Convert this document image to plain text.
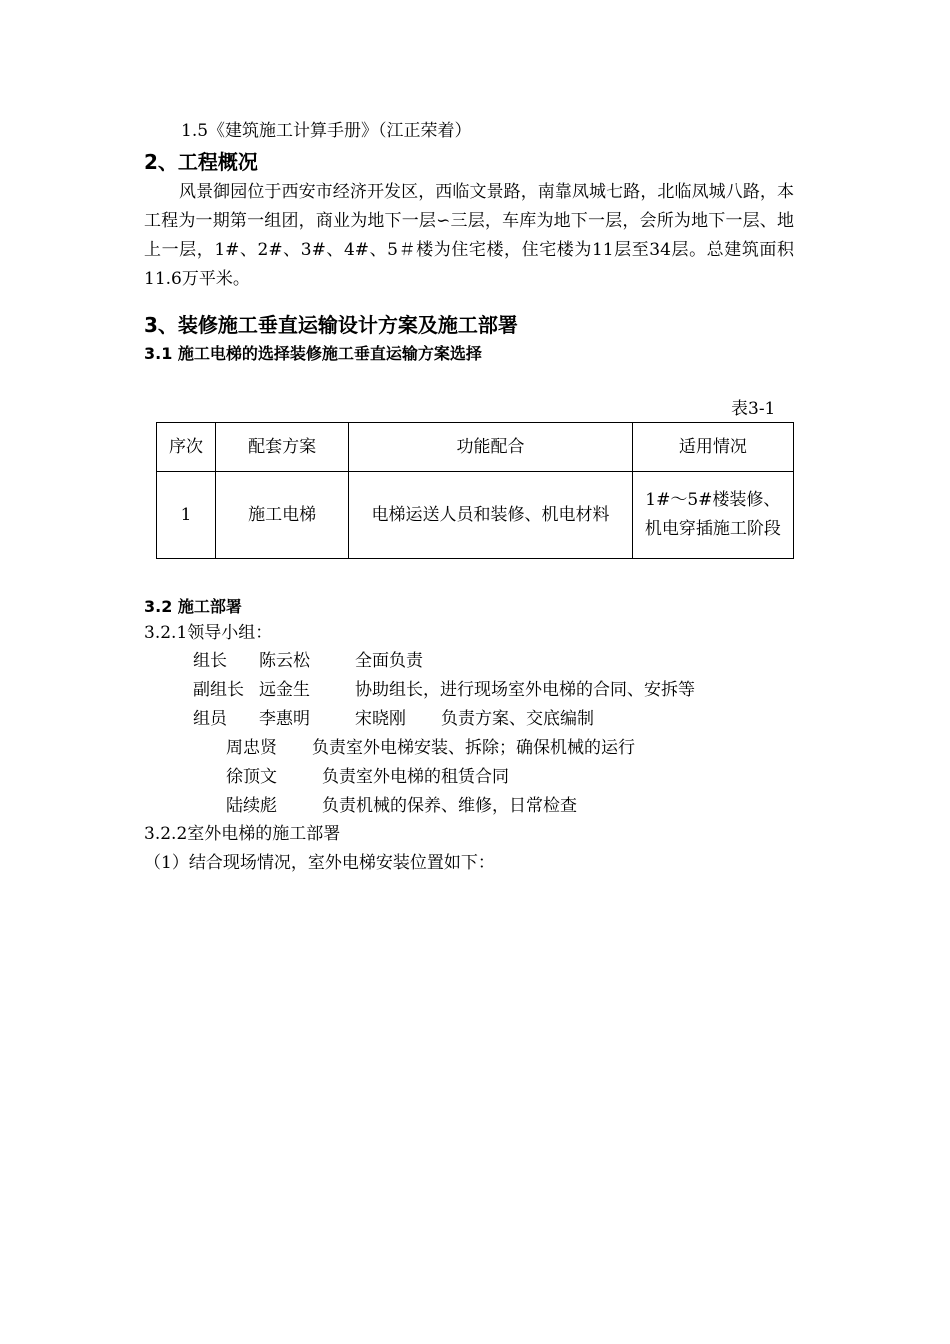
1.5《建筑施工计算手册》（江正荣着）
2、工程概况
风景御园位于西安市经济开发区，西临文景路，南靠凤城七路，北临凤城八路，本工程为一期第一组团，商业为地下一层∽三层，车库为地下一层，会所为地下一层、地上一层，1#、2#、3#、4#、5＃楼为住宅楼，住宅楼为11层至34层。总建筑面积11.6万平米。
3、装修施工垂直运输设计方案及施工部署
3.1 施工电梯的选择装修施工垂直运输方案选择
表3-1
序次	配套方案	功能配合	适用情况
1	施工电梯	电梯运送人员和装修、机电材料	1#～5#楼装修、机电穿插施工阶段
3.2 施工部署
3.2.1领导小组：
组长 陈云松	全面负责
副组长 远金生	协助组长，进行现场室外电梯的合同、安拆等
组员 李惠明	宋晓刚 负责方案、交底编制
周忠贤 负责室外电梯安装、拆除；确保机械的运行
徐顶文	负责室外电梯的租赁合同
陆续彪	负责机械的保养、维修，日常检查
3.2.2室外电梯的施工部署
（1）结合现场情况，室外电梯安装位置如下：
